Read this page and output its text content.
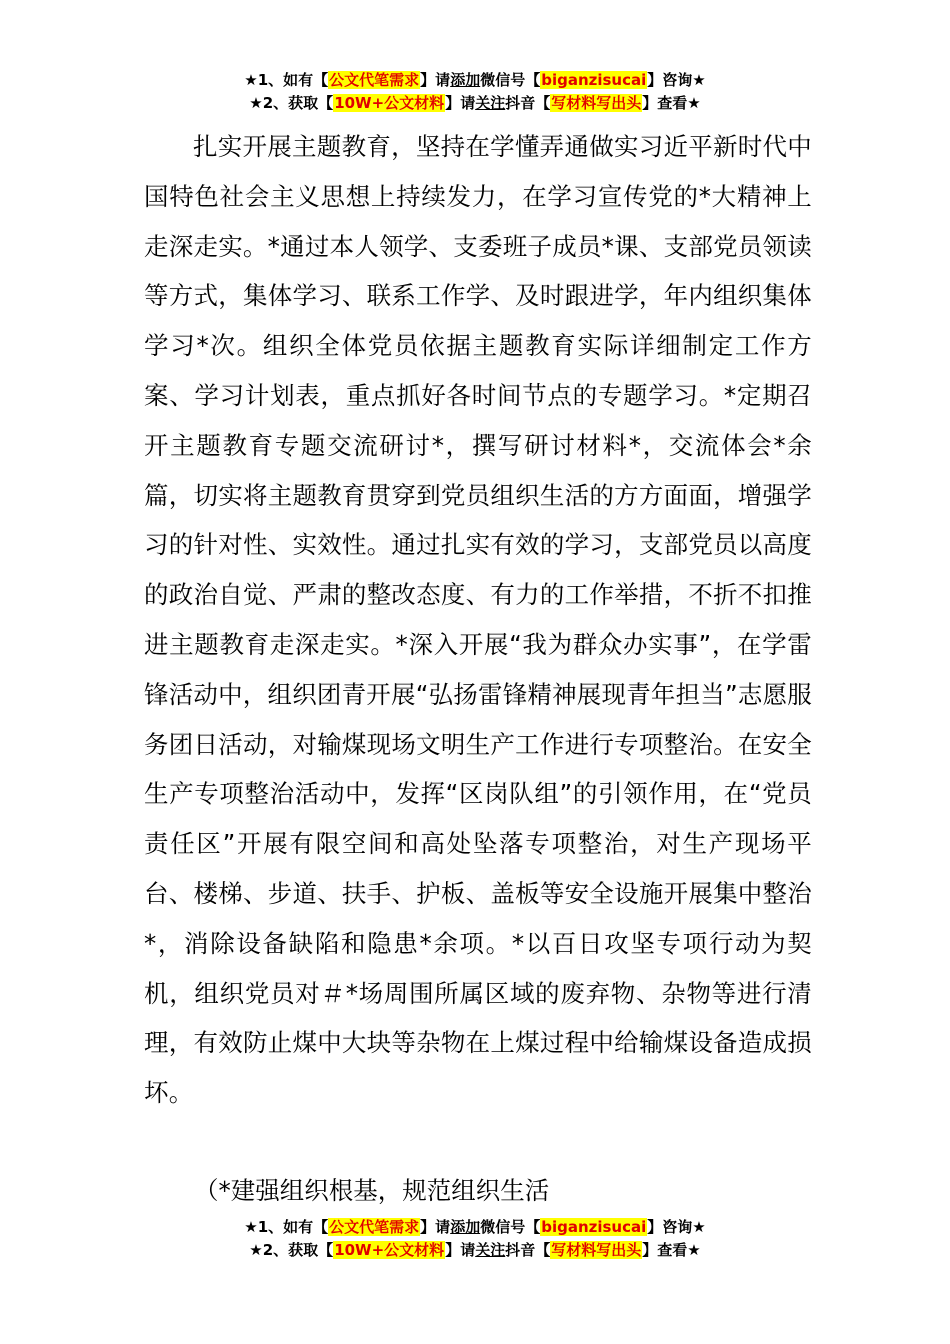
★1、如有【公文代笔需求】请添加微信号【biganzisucai】咨询★
★2、获取【10W+公文材料】请关注抖音【写材料写出头】查看★

扎实开展主题教育，坚持在学懂弄通做实习近平新时代中国特色社会主义思想上持续发力，在学习宣传党的*大精神上走深走实。*通过本人领学、支委班子成员*课、支部党员领读等方式，集体学习、联系工作学、及时跟进学，年内组织集体学习*次。组织全体党员依据主题教育实际详细制定工作方案、学习计划表，重点抓好各时间节点的专题学习。*定期召开主题教育专题交流研讨*，撰写研讨材料*，交流体会*余篇，切实将主题教育贯穿到党员组织生活的方方面面，增强学习的针对性、实效性。通过扎实有效的学习，支部党员以高度的政治自觉、严肃的整改态度、有力的工作举措，不折不扣推进主题教育走深走实。*深入开展“我为群众办实事”，在学雷锋活动中，组织团青开展“弘扬雷锋精神展现青年担当”志愿服务团日活动，对输煤现场文明生产工作进行专项整治。在安全生产专项整治活动中，发挥“区岗队组”的引领作用，在“党员责任区”开展有限空间和高处坠落专项整治，对生产现场平台、楼梯、步道、扶手、护板、盖板等安全设施开展集中整治*，消除设备缺陷和隐患*余项。*以百日攻坚专项行动为契机，组织党员对＃*场周围所属区域的废弃物、杂物等进行清理，有效防止煤中大块等杂物在上煤过程中给输煤设备造成损坏。

（*建强组织根基，规范组织生活

★1、如有【公文代笔需求】请添加微信号【biganzisucai】咨询★
★2、获取【10W+公文材料】请关注抖音【写材料写出头】查看★
